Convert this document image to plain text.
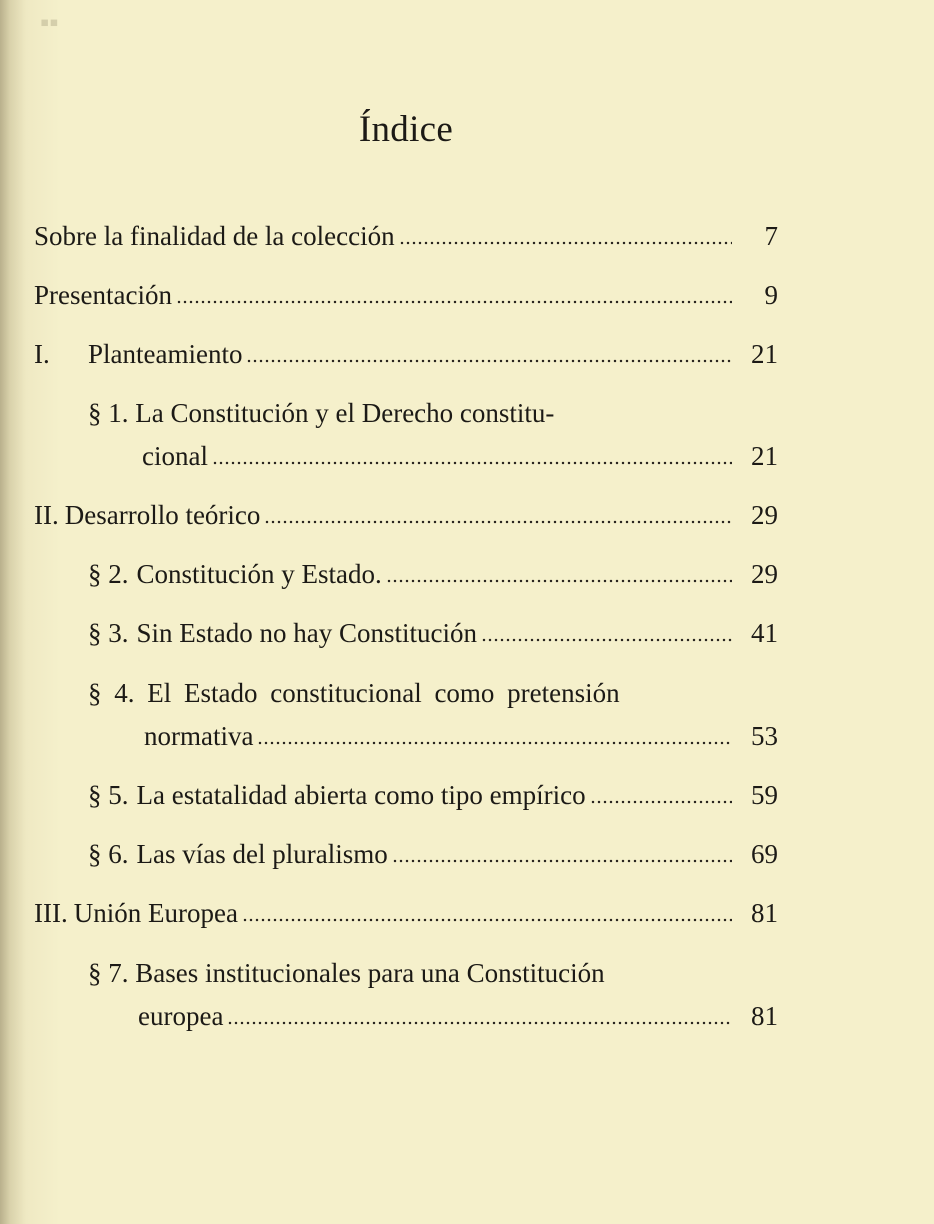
▪▪
Índice
Sobre la finalidad de la colección	7
Presentación	9
I.	Planteamiento	21
§ 1. La Constitución y el Derecho constitu-
cional	21
II. Desarrollo teórico	29
§ 2. Constitución y Estado.	29
§ 3. Sin Estado no hay Constitución	41
§ 4. El Estado constitucional como pretensión
normativa	53
§ 5. La estatalidad abierta como tipo empírico	59
§ 6. Las vías del pluralismo	69
III. Unión Europea	81
§ 7. Bases institucionales para una Constitución
europea	81
